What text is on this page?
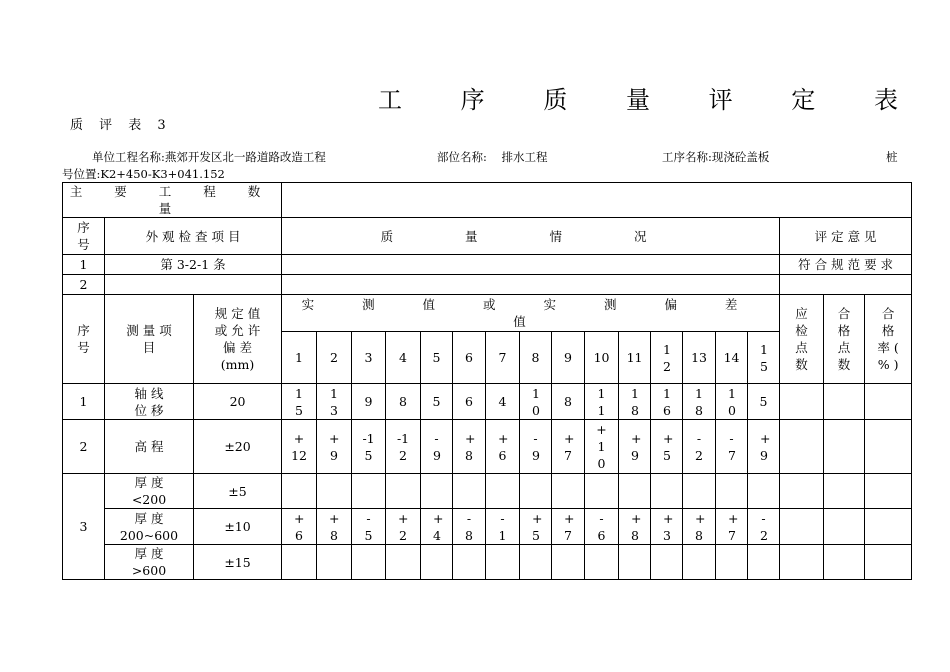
工 序 质 量 评 定 表
质 评 表 3
单位工程名称:燕郊开发区北一路道路改造工程	部位名称: 排水工程	工序名称:现浇砼盖板	桩
号位置:K2+450-K3+041.152
主 要 工 程 数 量																				
序号	外 观 检 查 项 目		质 量 情 况															评 定 意 见		
1	第 3-2-1 条																	符 合 规 范 要 求		
2																				
序号	测 量 项 目	规 定 值 或 允 许 偏 差 (mm)	实 测 值 或 实 测 偏 差 值															应 检 点 数	合 格 点 数	合 格 率 ( % )
			1	2	3	4	5	6	7	8	9	10	11	12	13	14	15			
1	轴 线 位 移	20	15	13	9	8	5	6	4	10	8	11	18	16	18	10	5			
2	高 程	±20	+12	+9	-15	-12	-9	+8	+6	-9	+7	+10	+9	+5	-2	-7	+9			
3	厚 度 <200	±5																		
	厚 度 200~600	±10	+6	+8	-5	+2	+4	-8	-1	+5	+7	-6	+8	+3	+8	+7	-2			
	厚 度 >600	±15																		
